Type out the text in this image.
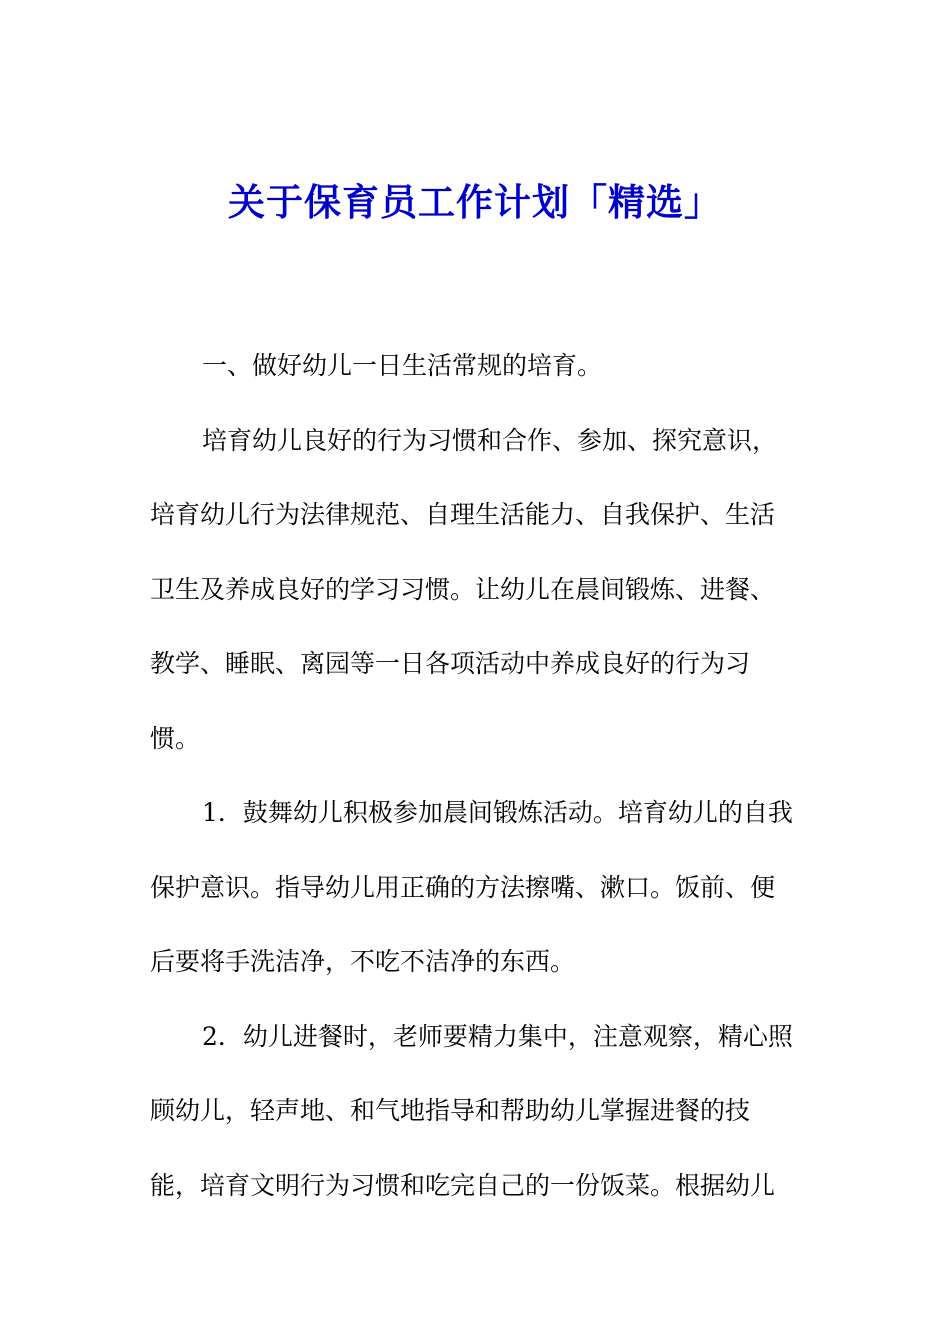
关于保育员工作计划「精选」

一、做好幼儿一日生活常规的培育。

培育幼儿良好的行为习惯和合作、参加、探究意识，
培育幼儿行为法律规范、自理生活能力、自我保护、生活
卫生及养成良好的学习习惯。让幼儿在晨间锻炼、进餐、
教学、睡眠、离园等一日各项活动中养成良好的行为习
惯。

1．鼓舞幼儿积极参加晨间锻炼活动。培育幼儿的自我
保护意识。指导幼儿用正确的方法擦嘴、漱口。饭前、便
后要将手洗洁净，不吃不洁净的东西。

2．幼儿进餐时，老师要精力集中，注意观察，精心照
顾幼儿，轻声地、和气地指导和帮助幼儿掌握进餐的技
能，培育文明行为习惯和吃完自己的一份饭菜。根据幼儿
